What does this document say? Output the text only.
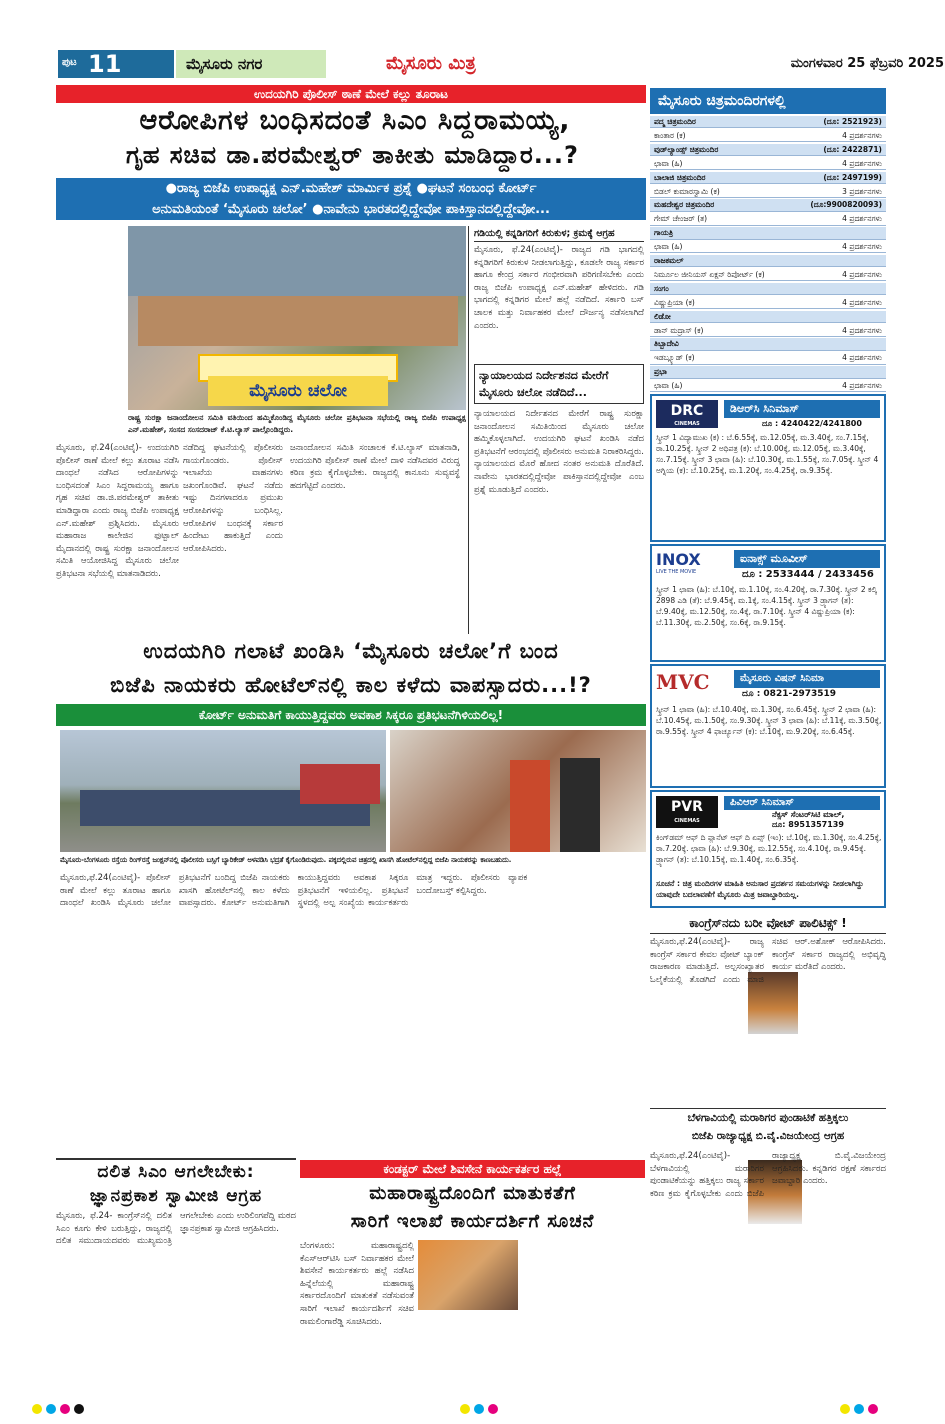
ಪುಟ 11	ಮೈಸೂರು ನಗರ	ಮೈಸೂರು ಮಿತ್ರ	ಮಂಗಳವಾರ 25 ಫೆಬ್ರವರಿ 2025
ಉದಯಗಿರಿ ಪೊಲೀಸ್ ಠಾಣೆ ಮೇಲೆ ಕಲ್ಲು ತೂರಾಟ
ಆರೋಪಿಗಳ ಬಂಧಿಸದಂತೆ ಸಿಎಂ ಸಿದ್ದರಾಮಯ್ಯ,
ಗೃಹ ಸಚಿವ ಡಾ.ಪರಮೇಶ್ವರ್ ತಾಕೀತು ಮಾಡಿದ್ದಾರ...?
●ರಾಜ್ಯ ಬಿಜೆಪಿ ಉಪಾಧ್ಯಕ್ಷ ಎನ್.ಮಹೇಶ್ ಮಾರ್ಮಿಕ ಪ್ರಶ್ನೆ ●ಘಟನೆ ಸಂಬಂಧ ಕೋರ್ಟ್
ಅನುಮತಿಯಂತೆ ‘ಮೈಸೂರು ಚಲೋ’ ●ನಾವೇನು ಭಾರತದಲ್ಲಿದ್ದೇವೋ ಪಾಕಿಸ್ತಾನದಲ್ಲಿದ್ದೇವೋ...
ಮೈಸೂರು ಚಲೋ
ರಾಷ್ಟ್ರ ಸುರಕ್ಷಾ ಜನಾಂದೋಲನ ಸಮಿತಿ ವತಿಯಿಂದ ಹಮ್ಮಿಕೊಂಡಿದ್ದ ಮೈಸೂರು ಚಲೋ ಪ್ರತಿಭಟನಾ ಸಭೆಯಲ್ಲಿ ರಾಜ್ಯ ಬಿಜೆಪಿ ಉಪಾಧ್ಯಕ್ಷ ಎನ್.ಮಹೇಶ್, ಸಂಸದ ಸಂಸದರಾಜ್ ಕೆ.ಟಿ.ಲ್ಯಾಸ್ ಪಾಲ್ಗೊಂಡಿದ್ದರು.
ಮೈಸೂರು, ಫೆ.24(ಎಂಟಿವೈ)- ಉದಯಗಿರಿ ಪೊಲೀಸ್ ಠಾಣೆ ಮೇಲೆ ಕಲ್ಲು ತೂರಾಟ ನಡೆಸಿ ದಾಂಧಲೆ ನಡೆಸಿದ ಆರೋಪಿಗಳನ್ನು ಬಂಧಿಸದಂತೆ ಸಿಎಂ ಸಿದ್ದರಾಮಯ್ಯ ಹಾಗೂ ಗೃಹ ಸಚಿವ ಡಾ.ಜಿ.ಪರಮೇಶ್ವರ್ ತಾಕೀತು ಮಾಡಿದ್ದಾರಾ ಎಂದು ರಾಜ್ಯ ಬಿಜೆಪಿ ಉಪಾಧ್ಯಕ್ಷ ಎನ್.ಮಹೇಶ್ ಪ್ರಶ್ನಿಸಿದರು. ಮೈಸೂರು ಮಹಾರಾಜ ಕಾಲೇಜಿನ ಫುಟ್ಬಾಲ್ ಮೈದಾನದಲ್ಲಿ ರಾಷ್ಟ್ರ ಸುರಕ್ಷಾ ಜನಾಂದೋಲನ ಸಮಿತಿ ಆಯೋಜಿಸಿದ್ದ ಮೈಸೂರು ಚಲೋ ಪ್ರತಿಭಟನಾ ಸಭೆಯಲ್ಲಿ ಮಾತನಾಡಿದರು.
ನಡೆದಿದ್ದ ಘಟನೆಯಲ್ಲಿ ಪೊಲೀಸರು ಗಾಯಗೊಂಡರು. ಪೊಲೀಸ್ ಇಲಾಖೆಯ ವಾಹನಗಳು ಜಖಂಗೊಂಡಿವೆ. ಘಟನೆ ನಡೆದು ಇಷ್ಟು ದಿನಗಳಾದರೂ ಪ್ರಮುಖ ಆರೋಪಿಗಳನ್ನು ಬಂಧಿಸಿಲ್ಲ. ಆರೋಪಿಗಳ ಬಂಧನಕ್ಕೆ ಸರ್ಕಾರ ಹಿಂದೇಟು ಹಾಕುತ್ತಿದೆ ಎಂದು ಆರೋಪಿಸಿದರು.
ಜನಾಂದೋಲನ ಸಮಿತಿ ಸಂಚಾಲಕ ಕೆ.ಟಿ.ಲ್ಯಾಸ್ ಮಾತನಾಡಿ, ಉದಯಗಿರಿ ಪೊಲೀಸ್ ಠಾಣೆ ಮೇಲೆ ದಾಳಿ ನಡೆಸಿದವರ ವಿರುದ್ಧ ಕಠಿಣ ಕ್ರಮ ಕೈಗೊಳ್ಳಬೇಕು. ರಾಜ್ಯದಲ್ಲಿ ಕಾನೂನು ಸುವ್ಯವಸ್ಥೆ ಹದಗೆಟ್ಟಿದೆ ಎಂದರು.
ಗಡಿಯಲ್ಲಿ ಕನ್ನಡಿಗರಿಗೆ ಕಿರುಕುಳ; ಕ್ರಮಕ್ಕೆ ಆಗ್ರಹ
ಮೈಸೂರು, ಫೆ.24(ಎಂಟಿವೈ)- ರಾಜ್ಯದ ಗಡಿ ಭಾಗದಲ್ಲಿ ಕನ್ನಡಿಗರಿಗೆ ಕಿರುಕುಳ ನೀಡಲಾಗುತ್ತಿದ್ದು, ಕೂಡಲೇ ರಾಜ್ಯ ಸರ್ಕಾರ ಹಾಗೂ ಕೇಂದ್ರ ಸರ್ಕಾರ ಗಂಭೀರವಾಗಿ ಪರಿಗಣಿಸಬೇಕು ಎಂದು ರಾಜ್ಯ ಬಿಜೆಪಿ ಉಪಾಧ್ಯಕ್ಷ ಎನ್.ಮಹೇಶ್ ಹೇಳಿದರು. ಗಡಿ ಭಾಗದಲ್ಲಿ ಕನ್ನಡಿಗರ ಮೇಲೆ ಹಲ್ಲೆ ನಡೆದಿದೆ. ಸರ್ಕಾರಿ ಬಸ್ ಚಾಲಕ ಮತ್ತು ನಿರ್ವಾಹಕರ ಮೇಲೆ ದೌರ್ಜನ್ಯ ನಡೆಸಲಾಗಿದೆ ಎಂದರು.
ನ್ಯಾಯಾಲಯದ ನಿರ್ದೇಶನದ ಮೇರೆಗೆ
ಮೈಸೂರು ಚಲೋ ನಡೆದಿದೆ...
ನ್ಯಾಯಾಲಯದ ನಿರ್ದೇಶನದ ಮೇರೆಗೆ ರಾಷ್ಟ್ರ ಸುರಕ್ಷಾ ಜನಾಂದೋಲನ ಸಮಿತಿಯಿಂದ ಮೈಸೂರು ಚಲೋ ಹಮ್ಮಿಕೊಳ್ಳಲಾಗಿದೆ. ಉದಯಗಿರಿ ಘಟನೆ ಖಂಡಿಸಿ ನಡೆದ ಪ್ರತಿಭಟನೆಗೆ ಆರಂಭದಲ್ಲಿ ಪೊಲೀಸರು ಅನುಮತಿ ನಿರಾಕರಿಸಿದ್ದರು. ನ್ಯಾಯಾಲಯದ ಮೊರೆ ಹೋದ ನಂತರ ಅನುಮತಿ ದೊರೆತಿದೆ. ನಾವೇನು ಭಾರತದಲ್ಲಿದ್ದೇವೋ ಪಾಕಿಸ್ತಾನದಲ್ಲಿದ್ದೇವೋ ಎಂಬ ಪ್ರಶ್ನೆ ಮೂಡುತ್ತಿದೆ ಎಂದರು.
ಉದಯಗಿರಿ ಗಲಾಟೆ ಖಂಡಿಸಿ ‘ಮೈಸೂರು ಚಲೋ’ಗೆ ಬಂದ
ಬಿಜೆಪಿ ನಾಯಕರು ಹೋಟೆಲ್‌ನಲ್ಲಿ ಕಾಲ ಕಳೆದು ವಾಪಸ್ಸಾದರು...!?
ಕೋರ್ಟ್ ಅನುಮತಿಗೆ ಕಾಯುತ್ತಿದ್ದವರು ಅವಕಾಶ ಸಿಕ್ಕರೂ ಪ್ರತಿಭಟನೆಗಿಳಿಯಲಿಲ್ಲ!
ಮೈಸೂರು-ಬೆಂಗಳೂರು ರಸ್ತೆಯ ರಿಂಗ್‌ರಸ್ತೆ ಜಂಕ್ಷನ್‌ನಲ್ಲಿ ಪೊಲೀಸರು ಬಸ್ಸಿಗೆ ಬ್ಯಾರಿಕೇಡ್ ಅಳವಡಿಸಿ ಭದ್ರತೆ ಕೈಗೊಂಡಿರುವುದು. ಪಕ್ಕದಲ್ಲಿರುವ ಚಿತ್ರದಲ್ಲಿ ಖಾಸಗಿ ಹೋಟೆಲ್‌ನಲ್ಲಿದ್ದ ಬಿಜೆಪಿ ನಾಯಕರನ್ನು ಕಾಣಬಹುದು.
ಮೈಸೂರು,ಫೆ.24(ಎಂಟಿವೈ)- ಪೊಲೀಸ್ ಠಾಣೆ ಮೇಲೆ ಕಲ್ಲು ತೂರಾಟ ಹಾಗೂ ದಾಂಧಲೆ ಖಂಡಿಸಿ ಮೈಸೂರು ಚಲೋ ಪ್ರತಿಭಟನೆಗೆ ಬಂದಿದ್ದ ಬಿಜೆಪಿ ನಾಯಕರು ಖಾಸಗಿ ಹೋಟೆಲ್‌ನಲ್ಲಿ ಕಾಲ ಕಳೆದು ವಾಪಸ್ಸಾದರು. ಕೋರ್ಟ್ ಅನುಮತಿಗಾಗಿ ಕಾಯುತ್ತಿದ್ದವರು ಅವಕಾಶ ಸಿಕ್ಕರೂ ಪ್ರತಿಭಟನೆಗೆ ಇಳಿಯಲಿಲ್ಲ. ಪ್ರತಿಭಟನೆ ಸ್ಥಳದಲ್ಲಿ ಅಲ್ಪ ಸಂಖ್ಯೆಯ ಕಾರ್ಯಕರ್ತರು ಮಾತ್ರ ಇದ್ದರು. ಪೊಲೀಸರು ವ್ಯಾಪಕ ಬಂದೋಬಸ್ತ್ ಕಲ್ಪಿಸಿದ್ದರು.
ದಲಿತ ಸಿಎಂ ಆಗಲೇಬೇಕು:
ಜ್ಞಾನಪ್ರಕಾಶ ಸ್ವಾಮೀಜಿ ಆಗ್ರಹ
ಮೈಸೂರು, ಫೆ.24- ಕಾಂಗ್ರೆಸ್‌ನಲ್ಲಿ ದಲಿತ ಸಿಎಂ ಕೂಗು ಕೇಳಿ ಬರುತ್ತಿದ್ದು, ರಾಜ್ಯದಲ್ಲಿ ದಲಿತ ಸಮುದಾಯದವರು ಮುಖ್ಯಮಂತ್ರಿ ಆಗಲೇಬೇಕು ಎಂದು ಉರಿಲಿಂಗಪೆದ್ದಿ ಮಠದ ಜ್ಞಾನಪ್ರಕಾಶ ಸ್ವಾಮೀಜಿ ಆಗ್ರಹಿಸಿದರು.
ಕಂಡಕ್ಟರ್ ಮೇಲೆ ಶಿವಸೇನೆ ಕಾರ್ಯಕರ್ತರ ಹಲ್ಲೆ
ಮಹಾರಾಷ್ಟ್ರದೊಂದಿಗೆ ಮಾತುಕತೆಗೆ
ಸಾರಿಗೆ ಇಲಾಖೆ ಕಾರ್ಯದರ್ಶಿಗೆ ಸೂಚನೆ
ಬೆಂಗಳೂರು: ಮಹಾರಾಷ್ಟ್ರದಲ್ಲಿ ಕೆಎಸ್‌ಆರ್‌ಟಿಸಿ ಬಸ್ ನಿರ್ವಾಹಕರ ಮೇಲೆ ಶಿವಸೇನೆ ಕಾರ್ಯಕರ್ತರು ಹಲ್ಲೆ ನಡೆಸಿದ ಹಿನ್ನೆಲೆಯಲ್ಲಿ ಮಹಾರಾಷ್ಟ್ರ ಸರ್ಕಾರದೊಂದಿಗೆ ಮಾತುಕತೆ ನಡೆಸುವಂತೆ ಸಾರಿಗೆ ಇಲಾಖೆ ಕಾರ್ಯದರ್ಶಿಗೆ ಸಚಿವ ರಾಮಲಿಂಗಾರೆಡ್ಡಿ ಸೂಚಿಸಿದರು.
ಕಾಂಗ್ರೆಸ್‌ನದು ಬರೀ ವೋಟ್ ಪಾಲಿಟಿಕ್ಸ್ !
ಮೈಸೂರು,ಫೆ.24(ಎಂಟಿವೈ)- ರಾಜ್ಯ ಕಾಂಗ್ರೆಸ್ ಸರ್ಕಾರ ಕೇವಲ ವೋಟ್ ಬ್ಯಾಂಕ್ ರಾಜಕಾರಣ ಮಾಡುತ್ತಿದೆ. ಅಲ್ಪಸಂಖ್ಯಾತರ ಓಲೈಕೆಯಲ್ಲಿ ತೊಡಗಿದೆ ಎಂದು ಮಾಜಿ ಸಚಿವ ಆರ್.ಅಶೋಕ್ ಆರೋಪಿಸಿದರು. ಕಾಂಗ್ರೆಸ್ ಸರ್ಕಾರ ರಾಜ್ಯದಲ್ಲಿ ಅಭಿವೃದ್ಧಿ ಕಾರ್ಯ ಮರೆತಿದೆ ಎಂದರು.
ಬೆಳಗಾವಿಯಲ್ಲಿ ಮರಾಠಿಗರ ಪುಂಡಾಟಿಕೆ ಹತ್ತಿಕ್ಕಲು
ಬಿಜೆಪಿ ರಾಜ್ಯಾಧ್ಯಕ್ಷ ಬಿ.ವೈ.ವಿಜಯೇಂದ್ರ ಆಗ್ರಹ
ಮೈಸೂರು,ಫೆ.24(ಎಂಟಿವೈ)- ಬೆಳಗಾವಿಯಲ್ಲಿ ಮರಾಠಿಗರ ಪುಂಡಾಟಿಕೆಯನ್ನು ಹತ್ತಿಕ್ಕಲು ರಾಜ್ಯ ಸರ್ಕಾರ ಕಠಿಣ ಕ್ರಮ ಕೈಗೊಳ್ಳಬೇಕು ಎಂದು ಬಿಜೆಪಿ ರಾಜ್ಯಾಧ್ಯಕ್ಷ ಬಿ.ವೈ.ವಿಜಯೇಂದ್ರ ಆಗ್ರಹಿಸಿದರು. ಕನ್ನಡಿಗರ ರಕ್ಷಣೆ ಸರ್ಕಾರದ ಜವಾಬ್ದಾರಿ ಎಂದರು.
ಮೈಸೂರು ಚಿತ್ರಮಂದಿರಗಳಲ್ಲಿ
ಪದ್ಮ ಚಿತ್ರಮಂದಿರ	(ದೂ: 2521923)
ಕಾಂತಾರ (ಕ)	4 ಪ್ರದರ್ಶನಗಳು
ವುಡ್‌ಲ್ಯಾಂಡ್ಸ್ ಚಿತ್ರಮಂದಿರ	(ದೂ: 2422871)
ಛಾವಾ (ಹಿ)	4 ಪ್ರದರ್ಶನಗಳು
ಬಾಲಾಜಿ ಚಿತ್ರಮಂದಿರ	(ದೂ: 2497199)
ಬಿಡಲ್ ಕುಮಾರಸ್ವಾಮಿ (ಕ)	3 ಪ್ರದರ್ಶನಗಳು
ಮಹದೇಶ್ವರ ಚಿತ್ರಮಂದಿರ	(ದೂ:9900820093)
ಗೇಮ್ ಚೇಂಜರ್ (ತ)	4 ಪ್ರದರ್ಶನಗಳು
ಗಾಯತ್ರಿ
ಛಾವಾ (ಹಿ)	4 ಪ್ರದರ್ಶನಗಳು
ರಾಜಕಮಲ್
ನಿರ್ಮೂಲ ಜೀನಿಯಸ್ ಏಕ್ಷನ್ ರಿಪೋರ್ಟ್ (ಕ)	4 ಪ್ರದರ್ಶನಗಳು
ಸಂಗಂ
ವಿಷ್ಣುಪ್ರಿಯಾ (ಕ)	4 ಪ್ರದರ್ಶನಗಳು
ಲಿಡೋ
ಡಾನ್ ಮದ್ರಾಸ್ (ಕ)	4 ಪ್ರದರ್ಶನಗಳು
ತಿಬ್ಬಾದೇವಿ
ಇಡಬ್ಲ್ಯೂಡ್ (ಕ)	4 ಪ್ರದರ್ಶನಗಳು
ಪ್ರಭಾ
ಛಾವಾ (ಹಿ)	4 ಪ್ರದರ್ಶನಗಳು
DRC
CINEMAS
ಡಿಆರ್‌ಸಿ ಸಿನಿಮಾಸ್
ದೂ : 4240422/4241800
ಸ್ಕ್ರೀನ್ 1 ವಿದ್ಯಾಮುಖ (ಕ) : ಬೆ.6.55ಕ್ಕೆ, ಮ.12.05ಕ್ಕೆ, ಮ.3.40ಕ್ಕೆ, ಸಂ.7.15ಕ್ಕೆ, ರಾ.10.25ಕ್ಕೆ. ಸ್ಕ್ರೀನ್ 2 ಅಧಿಪತ್ರ (ಕ): ಬೆ.10.00ಕ್ಕೆ, ಮ.12.05ಕ್ಕೆ, ಮ.3.40ಕ್ಕೆ, ಸಂ.7.15ಕ್ಕೆ. ಸ್ಕ್ರೀನ್ 3 ಛಾವಾ (ಹಿ): ಬೆ.10.30ಕ್ಕೆ, ಮ.1.55ಕ್ಕೆ, ಸಂ.7.05ಕ್ಕೆ. ಸ್ಕ್ರೀನ್ 4 ಅಗ್ನಿಯ (ಕ): ಬೆ.10.25ಕ್ಕೆ, ಮ.1.20ಕ್ಕೆ, ಸಂ.4.25ಕ್ಕೆ, ರಾ.9.35ಕ್ಕೆ.
INOX
LIVE THE MOVIE
ಐನಾಕ್ಸ್ ಮೂವೀಸ್
ದೂ : 2533444 / 2433456
ಸ್ಕ್ರೀನ್ 1 ಛಾವಾ (ಹಿ): ಬೆ.10ಕ್ಕೆ, ಮ.1.10ಕ್ಕೆ, ಸಂ.4.20ಕ್ಕೆ, ರಾ.7.30ಕ್ಕೆ. ಸ್ಕ್ರೀನ್ 2 ಕಲ್ಕಿ 2898 ಎಡಿ (ತೆ): ಬೆ.9.45ಕ್ಕೆ, ಮ.1ಕ್ಕೆ, ಸಂ.4.15ಕ್ಕೆ. ಸ್ಕ್ರೀನ್ 3 ಡ್ರ್ಯಾಗನ್ (ತ): ಬೆ.9.40ಕ್ಕೆ, ಮ.12.50ಕ್ಕೆ, ಸಂ.4ಕ್ಕೆ, ರಾ.7.10ಕ್ಕೆ. ಸ್ಕ್ರೀನ್ 4 ವಿಷ್ಣುಪ್ರಿಯಾ (ಕ): ಬೆ.11.30ಕ್ಕೆ, ಮ.2.50ಕ್ಕೆ, ಸಂ.6ಕ್ಕೆ, ರಾ.9.15ಕ್ಕೆ.
MVC	ಮೈಸೂರು ವಿಷನ್ ಸಿನಿಮಾ
ದೂ : 0821-2973519
ಸ್ಕ್ರೀನ್ 1 ಛಾವಾ (ಹಿ): ಬೆ.10.40ಕ್ಕೆ, ಮ.1.30ಕ್ಕೆ, ಸಂ.6.45ಕ್ಕೆ. ಸ್ಕ್ರೀನ್ 2 ಛಾವಾ (ಹಿ): ಬೆ.10.45ಕ್ಕೆ, ಮ.1.50ಕ್ಕೆ, ಸಂ.9.30ಕ್ಕೆ. ಸ್ಕ್ರೀನ್ 3 ಛಾವಾ (ಹಿ): ಬೆ.11ಕ್ಕೆ, ಮ.3.50ಕ್ಕೆ, ರಾ.9.55ಕ್ಕೆ. ಸ್ಕ್ರೀನ್ 4 ಫಾರ್ಚ್ಯೂನ್ (ಕ): ಬೆ.10ಕ್ಕೆ, ಮ.9.20ಕ್ಕೆ, ಸಂ.6.45ಕ್ಕೆ.
PVR
CINEMAS
ಪಿವಿಆರ್ ಸಿನಿಮಾಸ್
ನೆಕ್ಸಸ್ ಸೆಂಟರ್‌ಸಿಟಿ ಮಾಲ್,
ದೂ: 8951357139
ಕಿಂಗ್‌ಡಮ್ ಆಫ್ ದಿ ಪ್ಲಾನೆಟ್ ಆಫ್ ದಿ ಏಪ್ಸ್ (ಇಂ): ಬೆ.10ಕ್ಕೆ, ಮ.1.30ಕ್ಕೆ, ಸಂ.4.25ಕ್ಕೆ, ರಾ.7.20ಕ್ಕೆ. ಛಾವಾ (ಹಿ): ಬೆ.9.30ಕ್ಕೆ, ಮ.12.55ಕ್ಕೆ, ಸಂ.4.10ಕ್ಕೆ, ರಾ.9.45ಕ್ಕೆ. ಡ್ರ್ಯಾಗನ್ (ತ): ಬೆ.10.15ಕ್ಕೆ, ಮ.1.40ಕ್ಕೆ, ಸಂ.6.35ಕ್ಕೆ.
ಸೂಚನೆ : ಚಿತ್ರ ಮಂದಿರಗಳ ಮಾಹಿತಿ ಅನುಸಾರ ಪ್ರದರ್ಶನ ಸಮಯಗಳನ್ನು ನೀಡಲಾಗಿದ್ದು ಯಾವುದೇ ಬದಲಾವಣೆಗೆ ಮೈಸೂರು ಮಿತ್ರ ಜವಾಬ್ದಾರಿಯಲ್ಲ.
